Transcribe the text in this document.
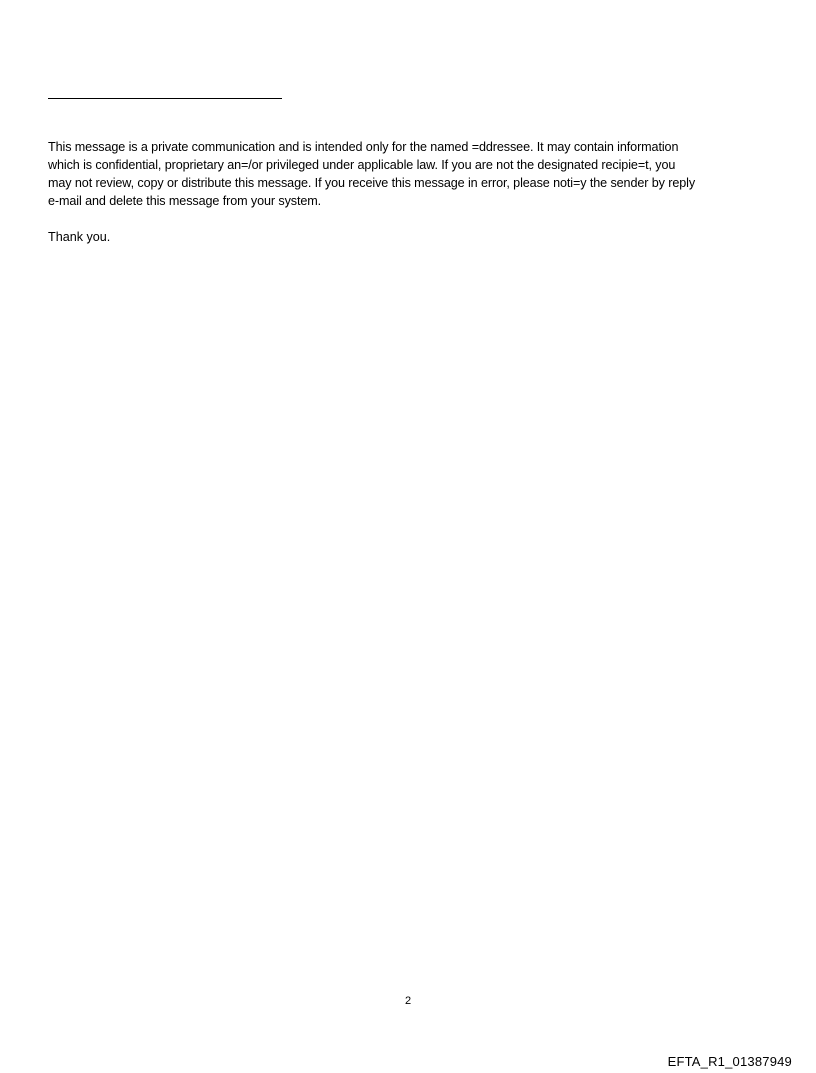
This message is a private communication and is intended only for the named =ddressee. It may contain information
which is confidential, proprietary an=/or privileged under applicable law. If you are not the designated recipie=t, you
may not review, copy or distribute this message. If you receive this message in error, please noti=y the sender by reply
e-mail and delete this message from your system.

Thank you.

2
EFTA_R1_01387949
